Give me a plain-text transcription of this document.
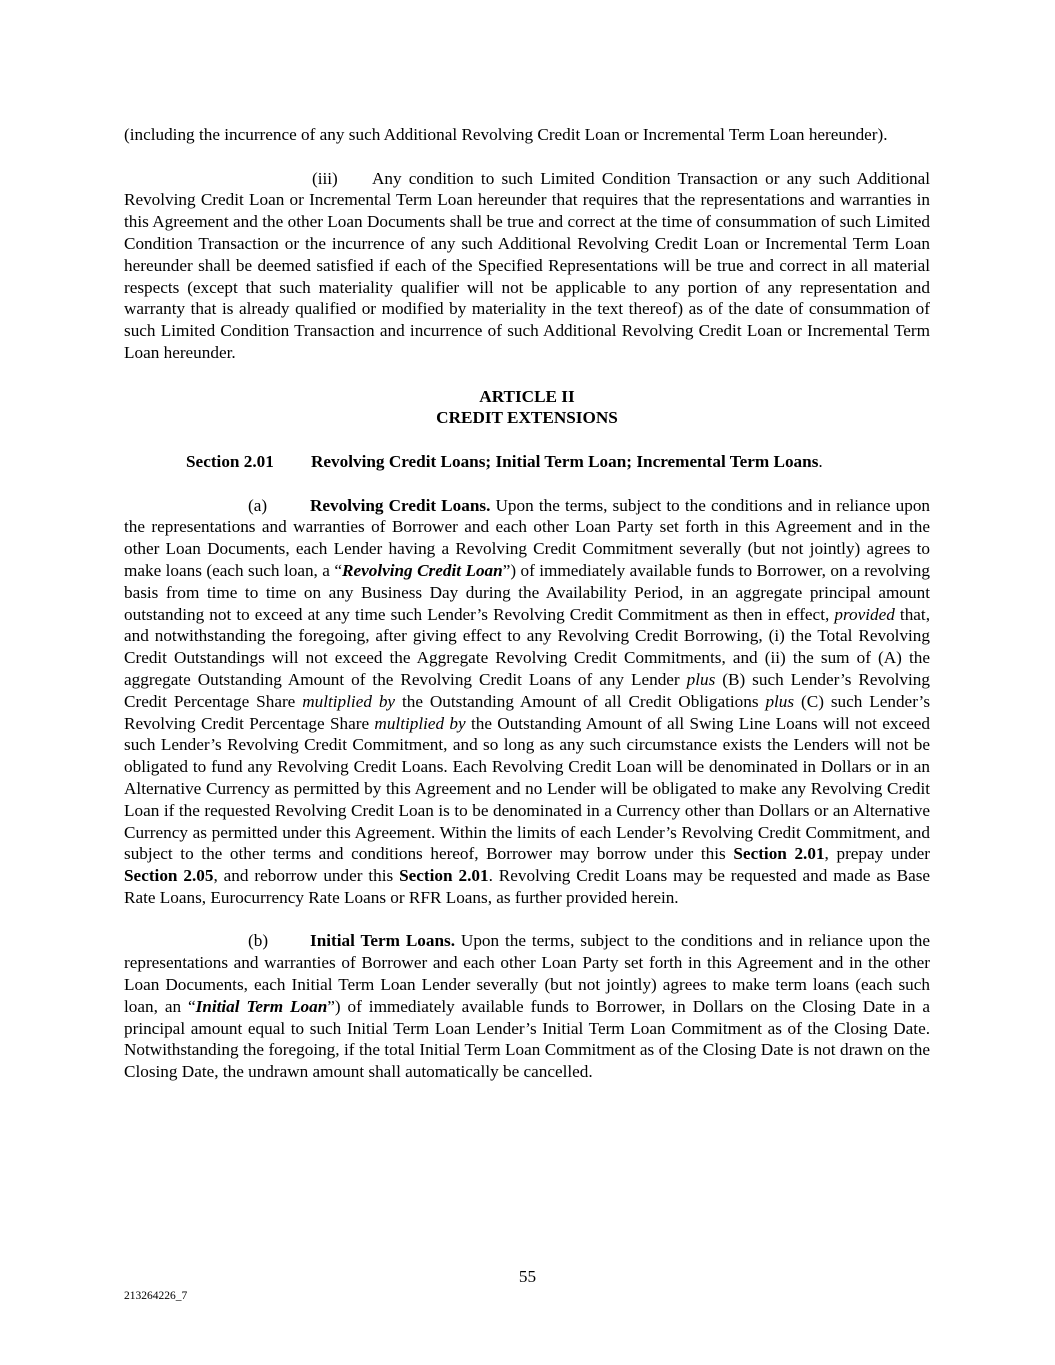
(including the incurrence of any such Additional Revolving Credit Loan or Incremental Term Loan hereunder).

(iii) Any condition to such Limited Condition Transaction or any such Additional Revolving Credit Loan or Incremental Term Loan hereunder that requires that the representations and warranties in this Agreement and the other Loan Documents shall be true and correct at the time of consummation of such Limited Condition Transaction or the incurrence of any such Additional Revolving Credit Loan or Incremental Term Loan hereunder shall be deemed satisfied if each of the Specified Representations will be true and correct in all material respects (except that such materiality qualifier will not be applicable to any portion of any representation and warranty that is already qualified or modified by materiality in the text thereof) as of the date of consummation of such Limited Condition Transaction and incurrence of such Additional Revolving Credit Loan or Incremental Term Loan hereunder.

ARTICLE II
CREDIT EXTENSIONS
Section 2.01 Revolving Credit Loans; Initial Term Loan; Incremental Term Loans.

(a) Revolving Credit Loans. Upon the terms, subject to the conditions and in reliance upon the representations and warranties of Borrower and each other Loan Party set forth in this Agreement and in the other Loan Documents, each Lender having a Revolving Credit Commitment severally (but not jointly) agrees to make loans (each such loan, a “Revolving Credit Loan”) of immediately available funds to Borrower, on a revolving basis from time to time on any Business Day during the Availability Period, in an aggregate principal amount outstanding not to exceed at any time such Lender’s Revolving Credit Commitment as then in effect, provided that, and notwithstanding the foregoing, after giving effect to any Revolving Credit Borrowing, (i) the Total Revolving Credit Outstandings will not exceed the Aggregate Revolving Credit Commitments, and (ii) the sum of (A) the aggregate Outstanding Amount of the Revolving Credit Loans of any Lender plus (B) such Lender’s Revolving Credit Percentage Share multiplied by the Outstanding Amount of all Credit Obligations plus (C) such Lender’s Revolving Credit Percentage Share multiplied by the Outstanding Amount of all Swing Line Loans will not exceed such Lender’s Revolving Credit Commitment, and so long as any such circumstance exists the Lenders will not be obligated to fund any Revolving Credit Loans. Each Revolving Credit Loan will be denominated in Dollars or in an Alternative Currency as permitted by this Agreement and no Lender will be obligated to make any Revolving Credit Loan if the requested Revolving Credit Loan is to be denominated in a Currency other than Dollars or an Alternative Currency as permitted under this Agreement. Within the limits of each Lender’s Revolving Credit Commitment, and subject to the other terms and conditions hereof, Borrower may borrow under this Section 2.01, prepay under Section 2.05, and reborrow under this Section 2.01. Revolving Credit Loans may be requested and made as Base Rate Loans, Eurocurrency Rate Loans or RFR Loans, as further provided herein.

(b) Initial Term Loans. Upon the terms, subject to the conditions and in reliance upon the representations and warranties of Borrower and each other Loan Party set forth in this Agreement and in the other Loan Documents, each Initial Term Loan Lender severally (but not jointly) agrees to make term loans (each such loan, an “Initial Term Loan”) of immediately available funds to Borrower, in Dollars on the Closing Date in a principal amount equal to such Initial Term Loan Lender’s Initial Term Loan Commitment as of the Closing Date. Notwithstanding the foregoing, if the total Initial Term Loan Commitment as of the Closing Date is not drawn on the Closing Date, the undrawn amount shall automatically be cancelled.

55
213264226_7
